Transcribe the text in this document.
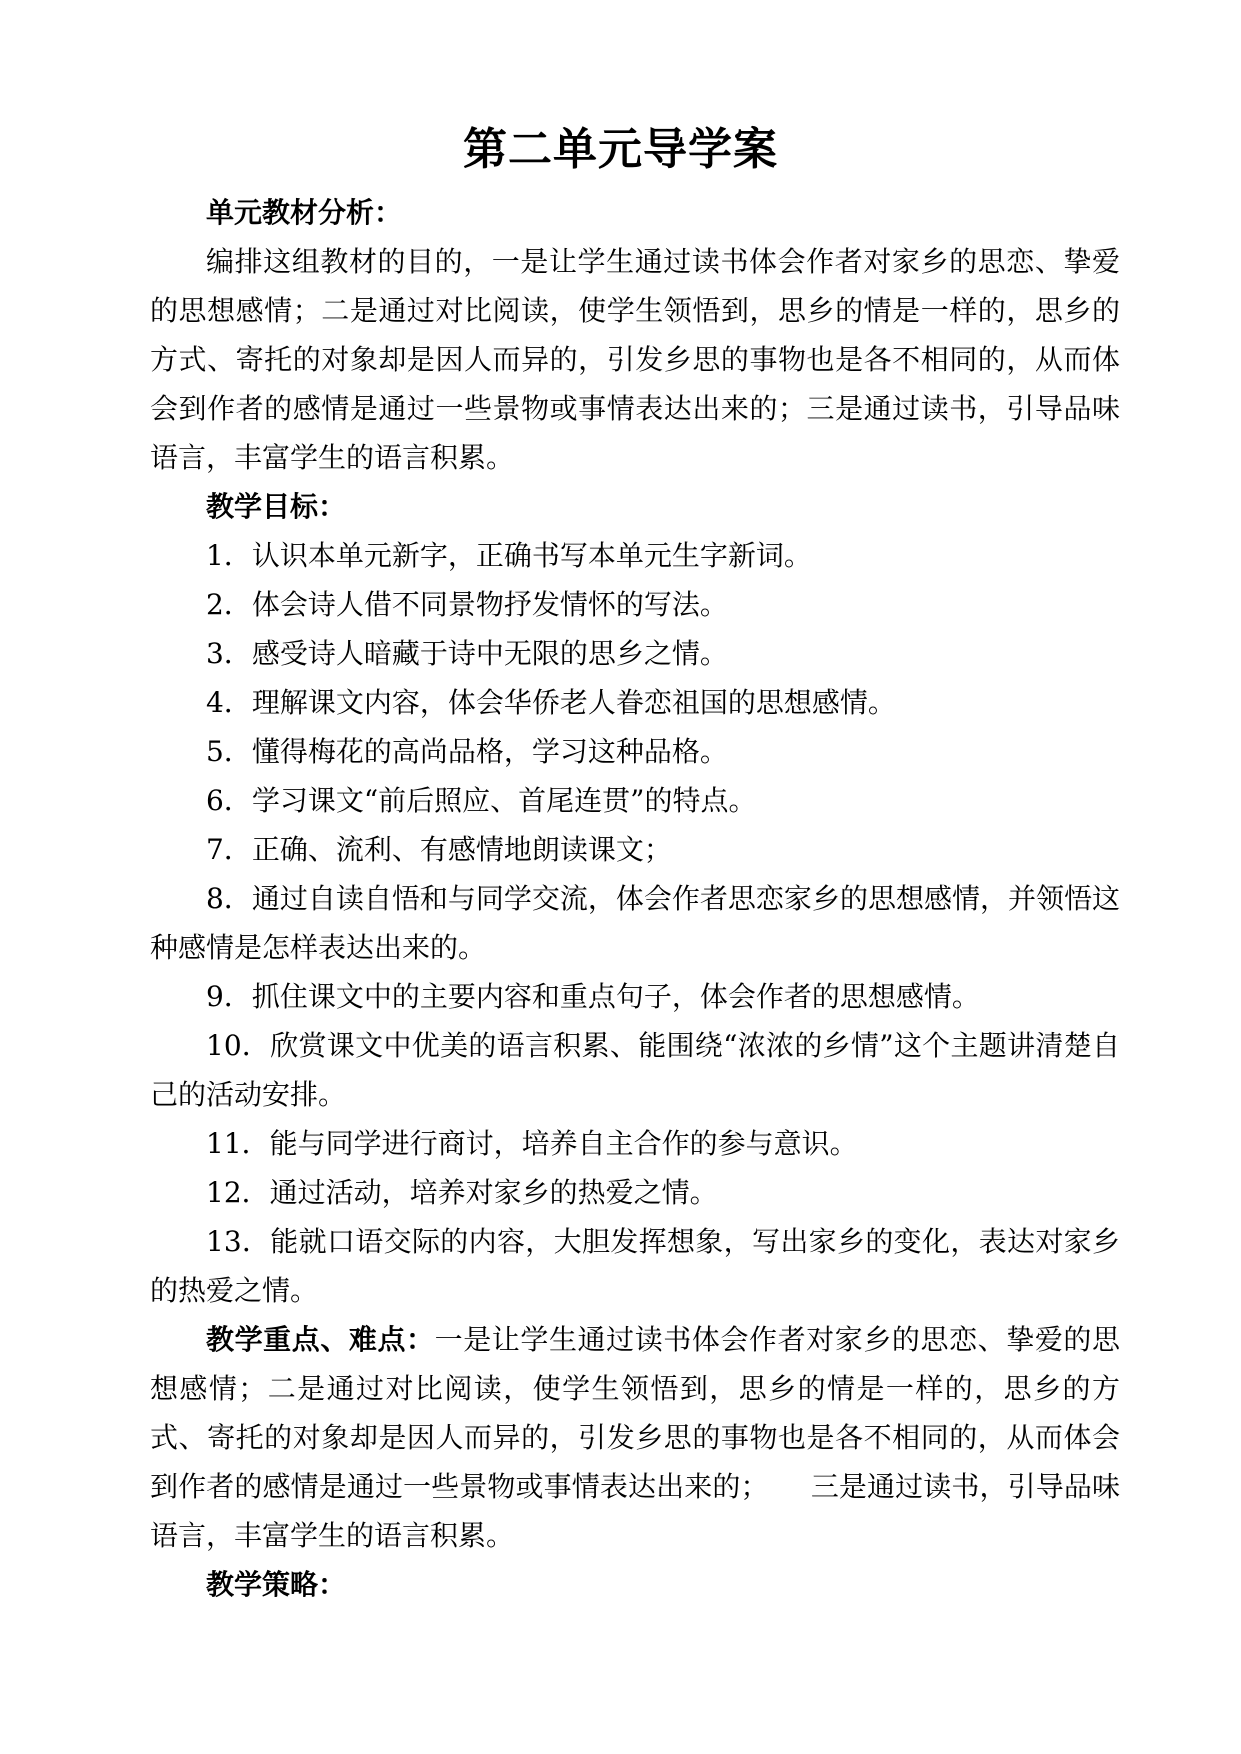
第二单元导学案

单元教材分析：

编排这组教材的目的，一是让学生通过读书体会作者对家乡的思恋、挚爱的思想感情；二是通过对比阅读，使学生领悟到，思乡的情是一样的，思乡的方式、寄托的对象却是因人而异的，引发乡思的事物也是各不相同的，从而体会到作者的感情是通过一些景物或事情表达出来的；三是通过读书，引导品味语言，丰富学生的语言积累。

教学目标：

1．认识本单元新字，正确书写本单元生字新词。

2．体会诗人借不同景物抒发情怀的写法。

3．感受诗人暗藏于诗中无限的思乡之情。

4．理解课文内容，体会华侨老人眷恋祖国的思想感情。

5．懂得梅花的高尚品格，学习这种品格。

6．学习课文“前后照应、首尾连贯”的特点。

7．正确、流利、有感情地朗读课文；

8．通过自读自悟和与同学交流，体会作者思恋家乡的思想感情，并领悟这种感情是怎样表达出来的。

9．抓住课文中的主要内容和重点句子，体会作者的思想感情。

10．欣赏课文中优美的语言积累、能围绕“浓浓的乡情”这个主题讲清楚自己的活动安排。

11．能与同学进行商讨，培养自主合作的参与意识。

12．通过活动，培养对家乡的热爱之情。

13．能就口语交际的内容，大胆发挥想象，写出家乡的变化，表达对家乡的热爱之情。

教学重点、难点：一是让学生通过读书体会作者对家乡的思恋、挚爱的思想感情；二是通过对比阅读，使学生领悟到，思乡的情是一样的，思乡的方式、寄托的对象却是因人而异的，引发乡思的事物也是各不相同的，从而体会到作者的感情是通过一些景物或事情表达出来的；　　三是通过读书，引导品味语言，丰富学生的语言积累。

教学策略：
